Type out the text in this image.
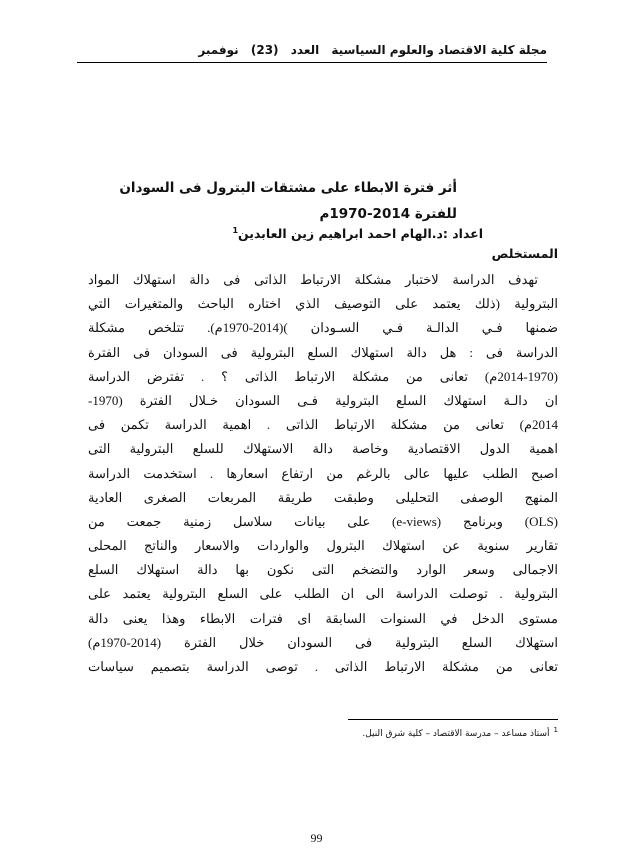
مجلة كلية الاقتصاد والعلوم السياسية العدد (23) نوفمبر
أثر فترة الابطاء على مشتقات البترول فى السودان
للفترة 2014-1970م
اعداد :د.الهام احمد ابراهيم زين العابدين$^1$
المستخلص
تهدف الدراسة لاختبار مشكلة الارتباط الذاتى فى دالة استهلاك المواد
البترولية (ذلك يعتمد على التوصيف الذي اختاره الباحث والمتغيرات التي
ضمنها فـي الدالـة فـي السـودان )(2014-1970م). تتلخص مشكلة
الدراسة فى : هل دالة استهلاك السلع البترولية فى السودان فى الفترة
(2014-1970م) تعانى من مشكلة الارتباط الذاتى ؟ . تفترض الدراسة
ان دالـة استهلاك السلع البترولية فـى السودان خـلال الفترة (1970-
2014م) تعانى من مشكلة الارتباط الذاتى . اهمية الدراسة تكمن فى
اهمية الدول الاقتصادية وخاصة دالة الاستهلاك للسلع البترولية التى
اصبح الطلب عليها عالى بالرغم من ارتفاع اسعارها . استخدمت الدراسة
المنهج الوصفى التحليلى وطبقت طريقة المربعات الصغرى العادية
(OLS) وبرنامج (e-views) على بيانات سلاسل زمنية جمعت من
تقارير سنوية عن استهلاك البترول والواردات والاسعار والناتج المحلى
الاجمالى وسعر الوارد والتضخم التى نكون بها دالة استهلاك السلع
البترولية . توصلت الدراسة الى ان الطلب على السلع البترولية يعتمد على
مستوى الدخل في السنوات السابقة اى فترات الابطاء وهذا يعنى دالة
استهلاك السلع البترولية فى السودان خلال الفترة (2014-1970م)
تعانى من مشكلة الارتباط الذاتى . توصى الدراسة بتصميم سياسات
$^1$أستاذ مساعد – مدرسة الاقتصاد – كلية شرق النيل.
99
